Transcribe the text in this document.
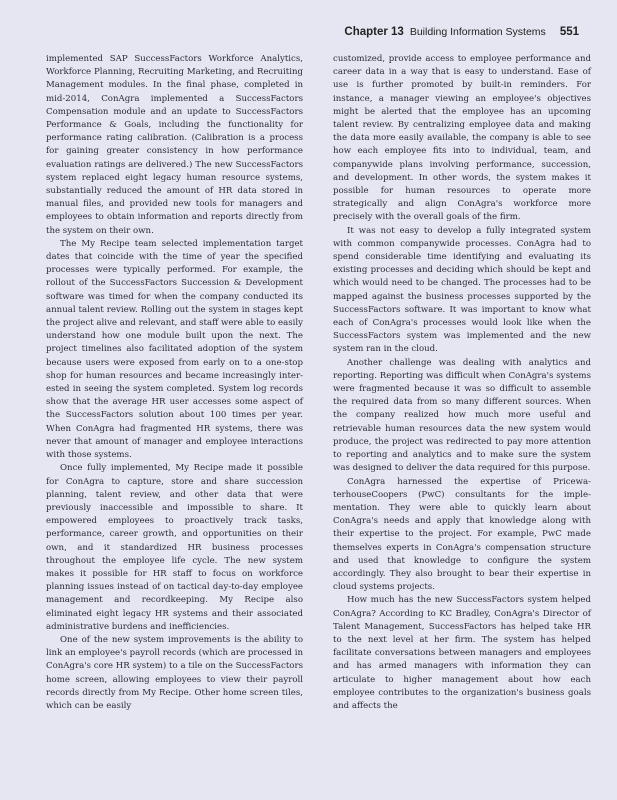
Chapter 13 Building Information Systems 551

implemented SAP SuccessFactors Workforce Analytics, Workforce Planning, Recruiting Marketing, and Recruiting Management modules. In the final phase, completed in mid-2014, ConAgra implemented a SuccessFactors Compensation module and an update to SuccessFactors Performance & Goals, including the functionality for performance rating calibration. (Calibration is a process for gaining greater consistency in how performance evaluation ratings are delivered.) The new SuccessFactors system replaced eight legacy human resource systems, substantially reduced the amount of HR data stored in manual files, and provided new tools for managers and employees to obtain information and reports directly from the system on their own.

The My Recipe team selected implementation target dates that coincide with the time of year the specified processes were typically performed. For example, the rollout of the SuccessFactors Succession & Development software was timed for when the company conducted its annual talent review. Rolling out the system in stages kept the project alive and relevant, and staff were able to easily understand how one module built upon the next. The project timelines also facilitated adoption of the system because users were exposed from early on to a one-stop shop for human resources and became increasingly interested in seeing the system completed. System log records show that the average HR user accesses some aspect of the SuccessFactors solution about 100 times per year. When ConAgra had fragmented HR systems, there was never that amount of manager and employee interactions with those systems.

Once fully implemented, My Recipe made it possible for ConAgra to capture, store and share succession planning, talent review, and other data that were previously inaccessible and impossible to share. It empowered employees to proactively track tasks, performance, career growth, and opportunities on their own, and it standardized HR business processes throughout the employee life cycle. The new system makes it possible for HR staff to focus on workforce planning issues instead of on tactical day-to-day employee management and recordkeeping. My Recipe also eliminated eight legacy HR systems and their associated administrative burdens and inefficiencies.

One of the new system improvements is the ability to link an employee's payroll records (which are processed in ConAgra's core HR system) to a tile on the SuccessFactors home screen, allowing employees to view their payroll records directly from My Recipe. Other home screen tiles, which can be easily

customized, provide access to employee performance and career data in a way that is easy to understand. Ease of use is further promoted by built-in reminders. For instance, a manager viewing an employee's objectives might be alerted that the employee has an upcoming talent review. By centralizing employee data and making the data more easily available, the company is able to see how each employee fits into to individual, team, and companywide plans involving performance, succession, and development. In other words, the system makes it possible for human resources to operate more strategically and align ConAgra's workforce more precisely with the overall goals of the firm.

It was not easy to develop a fully integrated system with common companywide processes. ConAgra had to spend considerable time identifying and evaluating its existing processes and deciding which should be kept and which would need to be changed. The processes had to be mapped against the business processes supported by the SuccessFactors software. It was important to know what each of ConAgra's processes would look like when the SuccessFactors system was implemented and the new system ran in the cloud.

Another challenge was dealing with analytics and reporting. Reporting was difficult when ConAgra's systems were fragmented because it was so difficult to assemble the required data from so many different sources. When the company realized how much more useful and retrievable human resources data the new system would produce, the project was redirected to pay more attention to reporting and analytics and to make sure the system was designed to deliver the data required for this purpose.

ConAgra harnessed the expertise of PricewaterhouseCoopers (PwC) consultants for the implementation. They were able to quickly learn about ConAgra's needs and apply that knowledge along with their expertise to the project. For example, PwC made themselves experts in ConAgra's compensation structure and used that knowledge to configure the system accordingly. They also brought to bear their expertise in cloud systems projects.

How much has the new SuccessFactors system helped ConAgra? According to KC Bradley, ConAgra's Director of Talent Management, SuccessFactors has helped take HR to the next level at her firm. The system has helped facilitate conversations between managers and employees and has armed managers with information they can articulate to higher management about how each employee contributes to the organization's business goals and affects the
